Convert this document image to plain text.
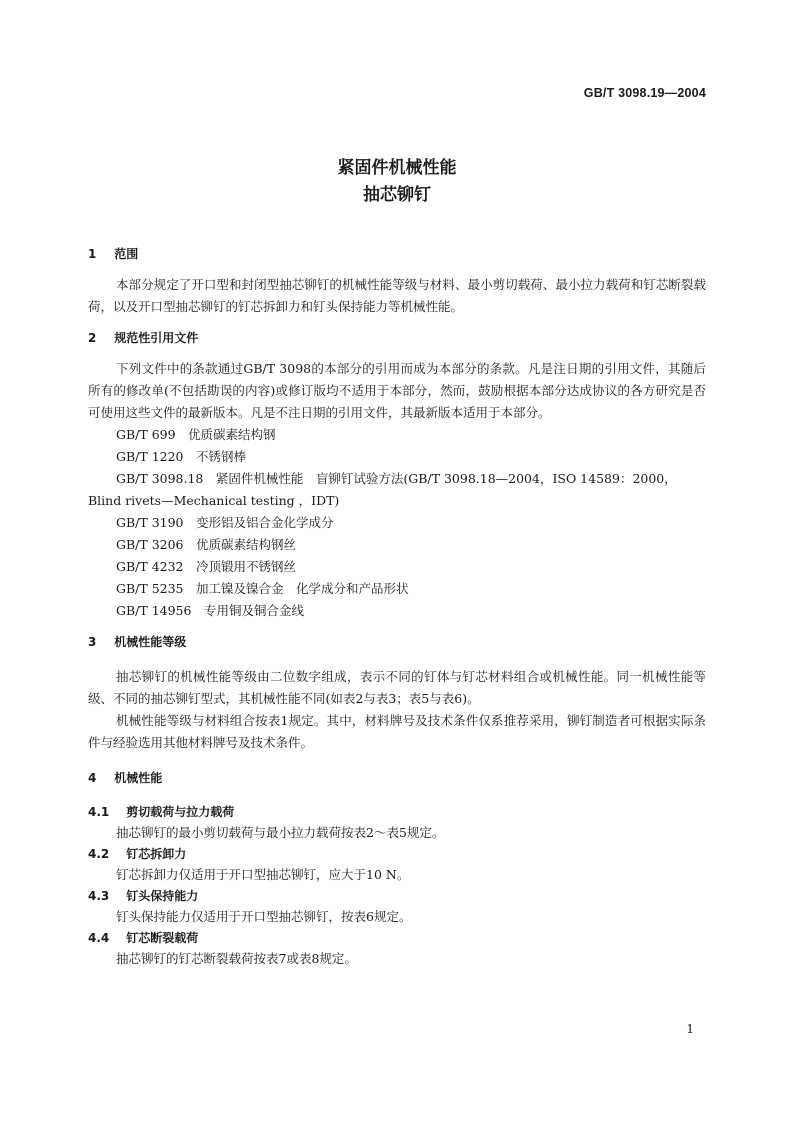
GB/T 3098.19—2004
紧固件机械性能
抽芯铆钉
1 范围

本部分规定了开口型和封闭型抽芯铆钉的机械性能等级与材料、最小剪切载荷、最小拉力载荷和钉芯断裂载荷，以及开口型抽芯铆钉的钉芯拆卸力和钉头保持能力等机械性能。

2 规范性引用文件

下列文件中的条款通过GB/T 3098的本部分的引用而成为本部分的条款。凡是注日期的引用文件，其随后所有的修改单(不包括勘误的内容)或修订版均不适用于本部分，然而，鼓励根据本部分达成协议的各方研究是否可使用这些文件的最新版本。凡是不注日期的引用文件，其最新版本适用于本部分。

GB/T 699　优质碳素结构钢

GB/T 1220　不锈钢棒

GB/T 3098.18　紧固件机械性能　盲铆钉试验方法(GB/T 3098.18—2004，ISO 14589：2000，Blind rivets—Mechanical testing ，IDT)

GB/T 3190　变形铝及铝合金化学成分

GB/T 3206　优质碳素结构钢丝

GB/T 4232　冷顶锻用不锈钢丝

GB/T 5235　加工镍及镍合金　化学成分和产品形状

GB/T 14956　专用铜及铜合金线

3 机械性能等级

抽芯铆钉的机械性能等级由二位数字组成，表示不同的钉体与钉芯材料组合或机械性能。同一机械性能等级、不同的抽芯铆钉型式，其机械性能不同(如表2与表3；表5与表6)。

机械性能等级与材料组合按表1规定。其中，材料牌号及技术条件仅系推荐采用，铆钉制造者可根据实际条件与经验选用其他材料牌号及技术条件。

4 机械性能
4.1 剪切载荷与拉力载荷

抽芯铆钉的最小剪切载荷与最小拉力载荷按表2～表5规定。

4.2 钉芯拆卸力

钉芯拆卸力仅适用于开口型抽芯铆钉，应大于10 N。

4.3 钉头保持能力

钉头保持能力仅适用于开口型抽芯铆钉，按表6规定。

4.4 钉芯断裂载荷

抽芯铆钉的钉芯断裂载荷按表7或表8规定。

1
